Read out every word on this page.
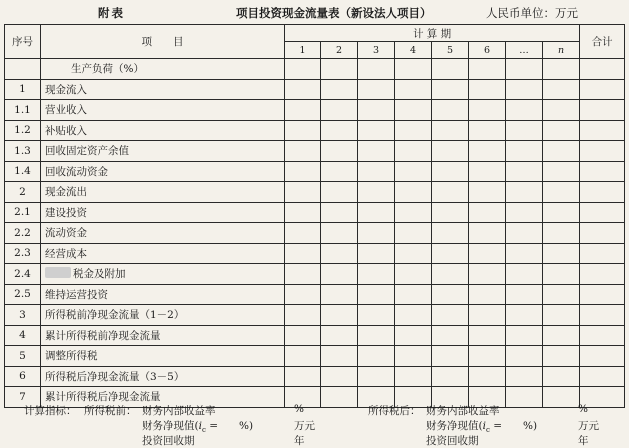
附表	项目投资现金流量表（新设法人项目）	人民币单位：万元
序号	项　　目	计 算 期								合计
		1	2	3	4	5	6	…	n	
	生产负荷（%）									
1	现金流入									
1.1	营业收入									
1.2	补贴收入									
1.3	回收固定资产余值									
1.4	回收流动资金									
2	现金流出									
2.1	建设投资									
2.2	流动资金									
2.3	经营成本									
2.4	税金及附加									
2.5	维持运营投资									
3	所得税前净现金流量（1－2）									
4	累计所得税前净现金流量									
5	调整所得税									
6	所得税后净现金流量（3－5）									
7	累计所得税后净现金流量									
计算指标： 所得税前： 财务内部收益率	%	所得税后： 财务内部收益率	%
财务净现值($i_c$ =　　%)	万元	财务净现值($i_c$ =　　%)	万元
投资回收期	年	投资回收期	年
